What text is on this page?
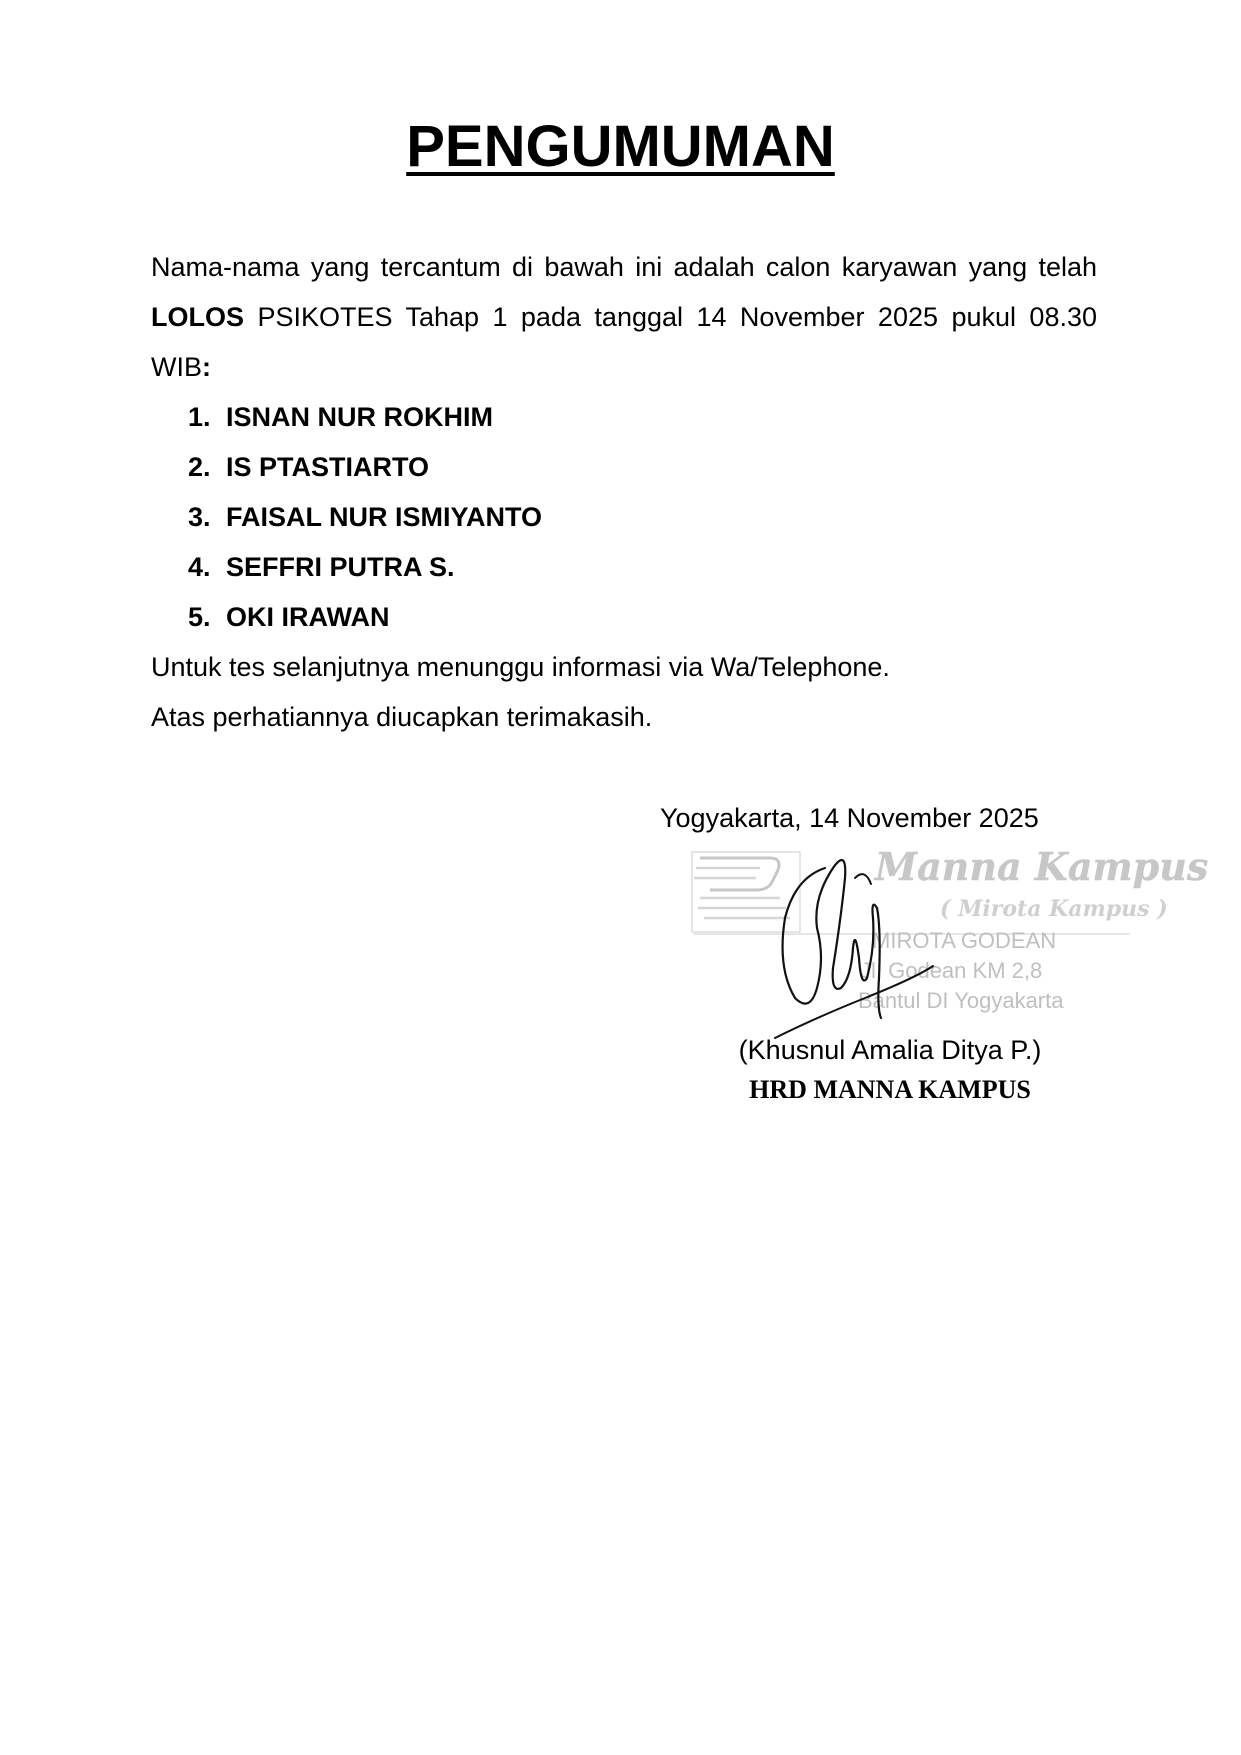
PENGUMUMAN
Nama-nama yang tercantum di bawah ini adalah calon karyawan yang telah LOLOS PSIKOTES Tahap 1 pada tanggal 14 November 2025 pukul 08.30 WIB:
1. ISNAN NUR ROKHIM
2. IS PTASTIARTO
3. FAISAL NUR ISMIYANTO
4. SEFFRI PUTRA S.
5. OKI IRAWAN
Untuk tes selanjutnya menunggu informasi via Wa/Telephone.
Atas perhatiannya diucapkan terimakasih.
Yogyakarta, 14 November 2025
Manna Kampus
( Mirota Kampus )
MIROTA GODEAN
Jl. Godean KM 2,8
Bantul DI Yogyakarta
(Khusnul Amalia Ditya P.)
HRD MANNA KAMPUS
